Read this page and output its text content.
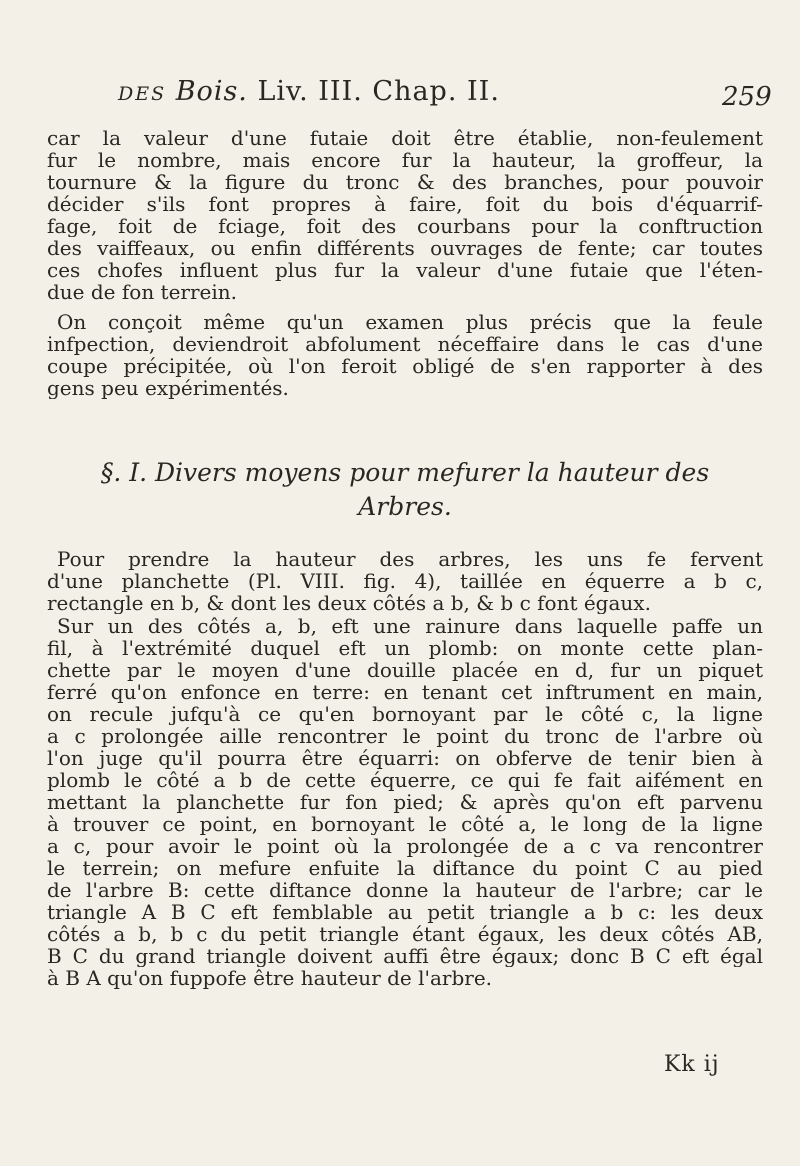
DES Bois. Liv. III. Chap. II.	259
car la valeur d'une futaie doit être établie, non-feulement
fur le nombre, mais encore fur la hauteur, la groffeur, la
tournure & la figure du tronc & des branches, pour pouvoir
décider s'ils font propres à faire, foit du bois d'équarrif-
fage, foit de fciage, foit des courbans pour la conftruction
des vaiffeaux, ou enfin différents ouvrages de fente; car toutes
ces chofes influent plus fur la valeur d'une futaie que l'éten-
due de fon terrein.
On conçoit même qu'un examen plus précis que la feule
infpection, deviendroit abfolument néceffaire dans le cas d'une
coupe précipitée, où l'on feroit obligé de s'en rapporter à des
gens peu expérimentés.
§. I. Divers moyens pour mefurer la hauteur des
Arbres.
Pour prendre la hauteur des arbres, les uns fe fervent
d'une planchette (Pl. VIII. fig. 4), taillée en équerre a b c,
rectangle en b, & dont les deux côtés a b, & b c font égaux.
Sur un des côtés a, b, eft une rainure dans laquelle paffe un
fil, à l'extrémité duquel eft un plomb: on monte cette plan-
chette par le moyen d'une douille placée en d, fur un piquet
ferré qu'on enfonce en terre: en tenant cet inftrument en main,
on recule jufqu'à ce qu'en bornoyant par le côté c, la ligne
a c prolongée aille rencontrer le point du tronc de l'arbre où
l'on juge qu'il pourra être équarri: on obferve de tenir bien à
plomb le côté a b de cette équerre, ce qui fe fait aifément en
mettant la planchette fur fon pied; & après qu'on eft parvenu
à trouver ce point, en bornoyant le côté a, le long de la ligne
a c, pour avoir le point où la prolongée de a c va rencontrer
le terrein; on mefure enfuite la diftance du point C au pied
de l'arbre B: cette diftance donne la hauteur de l'arbre; car le
triangle A B C eft femblable au petit triangle a b c: les deux
côtés a b, b c du petit triangle étant égaux, les deux côtés AB,
B C du grand triangle doivent auffi être égaux; donc B C eft égal
à B A qu'on fuppofe être hauteur de l'arbre.
Kk ij
